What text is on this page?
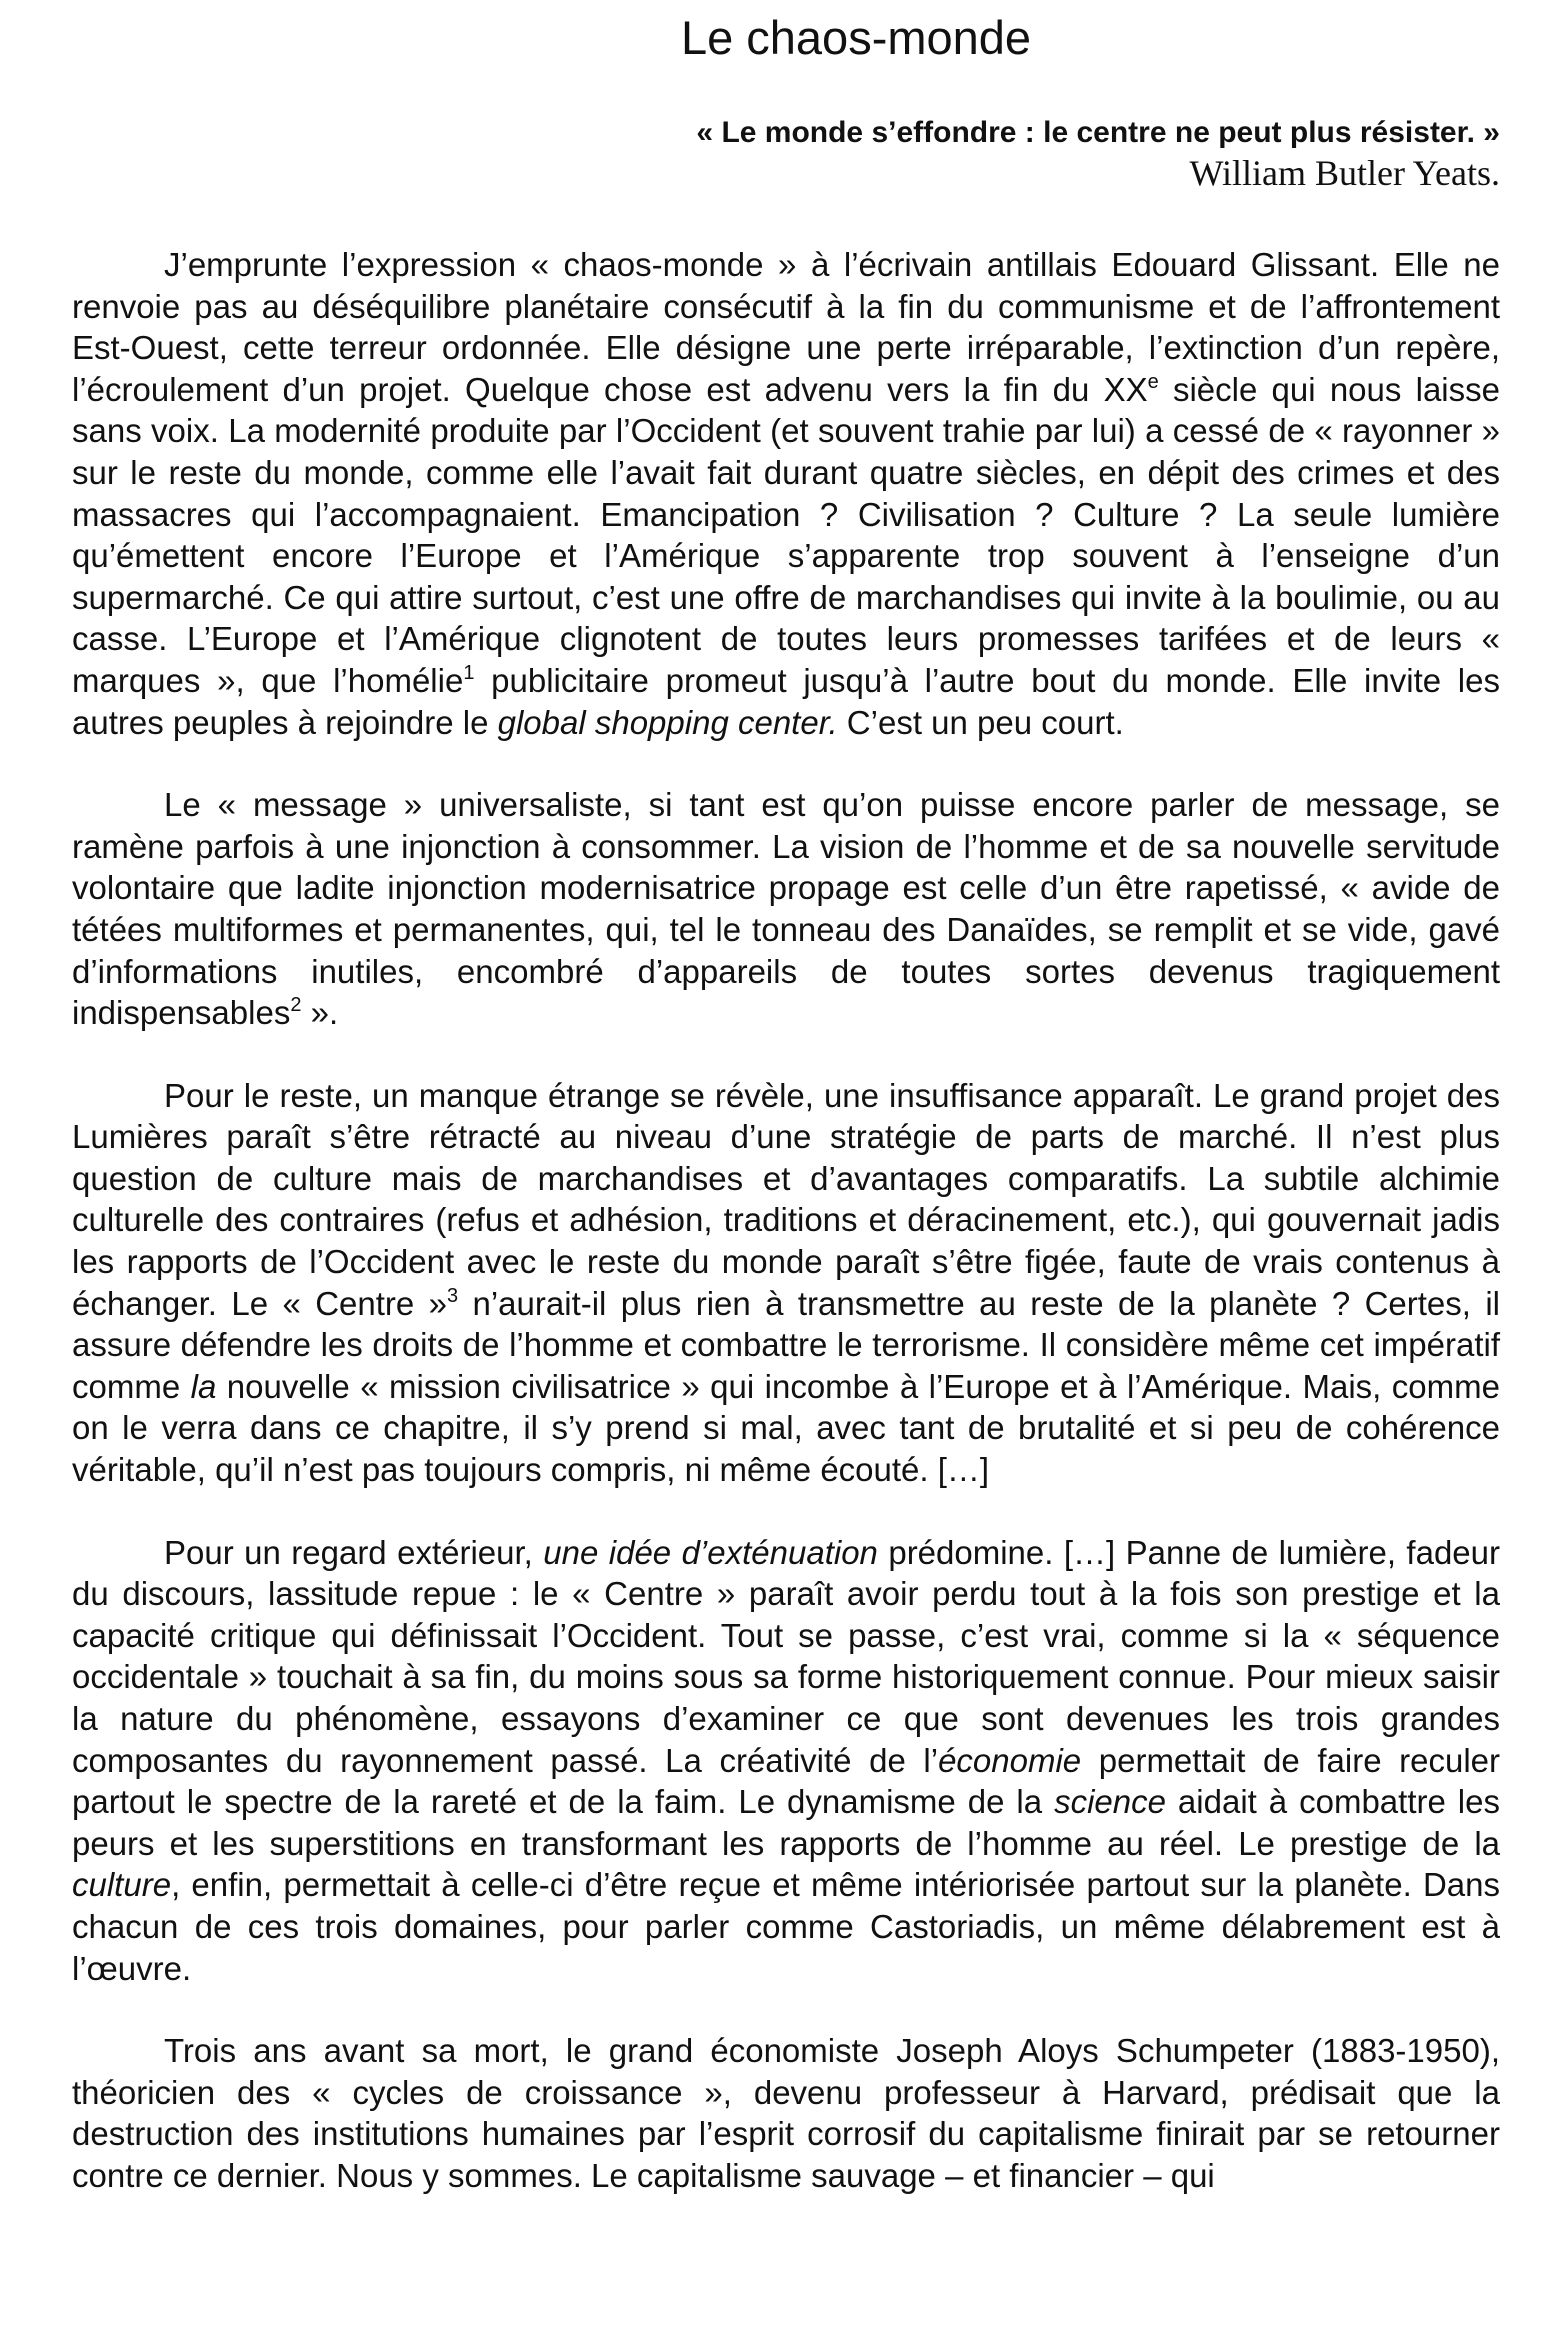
Le chaos-monde
« Le monde s’effondre : le centre ne peut plus résister. »
William Butler Yeats.

J’emprunte l’expression « chaos-monde » à l’écrivain antillais Edouard Glissant. Elle ne renvoie pas au déséquilibre planétaire consécutif à la fin du communisme et de l’affrontement Est-Ouest, cette terreur ordonnée. Elle désigne une perte irréparable, l’extinction d’un repère, l’écroulement d’un projet. Quelque chose est advenu vers la fin du XXe siècle qui nous laisse sans voix. La modernité produite par l’Occident (et souvent trahie par lui) a cessé de « rayonner » sur le reste du monde, comme elle l’avait fait durant quatre siècles, en dépit des crimes et des massacres qui l’accompagnaient. Emancipation ? Civilisation ? Culture ? La seule lumière qu’émettent encore l’Europe et l’Amérique s’apparente trop souvent à l’enseigne d’un supermarché. Ce qui attire surtout, c’est une offre de marchandises qui invite à la boulimie, ou au casse. L’Europe et l’Amérique clignotent de toutes leurs promesses tarifées et de leurs « marques », que l’homélie$^1$ publicitaire promeut jusqu’à l’autre bout du monde. Elle invite les autres peuples à rejoindre le global shopping center. C’est un peu court.

Le « message » universaliste, si tant est qu’on puisse encore parler de message, se ramène parfois à une injonction à consommer. La vision de l’homme et de sa nouvelle servitude volontaire que ladite injonction modernisatrice propage est celle d’un être rapetissé, « avide de tétées multiformes et permanentes, qui, tel le tonneau des Danaïdes, se remplit et se vide, gavé d’informations inutiles, encombré d’appareils de toutes sortes devenus tragiquement indispensables$^2$ ».

Pour le reste, un manque étrange se révèle, une insuffisance apparaît. Le grand projet des Lumières paraît s’être rétracté au niveau d’une stratégie de parts de marché. Il n’est plus question de culture mais de marchandises et d’avantages comparatifs. La subtile alchimie culturelle des contraires (refus et adhésion, traditions et déracinement, etc.), qui gouvernait jadis les rapports de l’Occident avec le reste du monde paraît s’être figée, faute de vrais contenus à échanger. Le « Centre »$^3$ n’aurait-il plus rien à transmettre au reste de la planète ? Certes, il assure défendre les droits de l’homme et combattre le terrorisme. Il considère même cet impératif comme la nouvelle « mission civilisatrice » qui incombe à l’Europe et à l’Amérique. Mais, comme on le verra dans ce chapitre, il s’y prend si mal, avec tant de brutalité et si peu de cohérence véritable, qu’il n’est pas toujours compris, ni même écouté. […]

Pour un regard extérieur, une idée d’exténuation prédomine. […] Panne de lumière, fadeur du discours, lassitude repue : le « Centre » paraît avoir perdu tout à la fois son prestige et la capacité critique qui définissait l’Occident. Tout se passe, c’est vrai, comme si la « séquence occidentale » touchait à sa fin, du moins sous sa forme historiquement connue. Pour mieux saisir la nature du phénomène, essayons d’examiner ce que sont devenues les trois grandes composantes du rayonnement passé. La créativité de l’économie permettait de faire reculer partout le spectre de la rareté et de la faim. Le dynamisme de la science aidait à combattre les peurs et les superstitions en transformant les rapports de l’homme au réel. Le prestige de la culture, enfin, permettait à celle-ci d’être reçue et même intériorisée partout sur la planète. Dans chacun de ces trois domaines, pour parler comme Castoriadis, un même délabrement est à l’œuvre.

Trois ans avant sa mort, le grand économiste Joseph Aloys Schumpeter (1883-1950), théoricien des « cycles de croissance », devenu professeur à Harvard, prédisait que la destruction des institutions humaines par l’esprit corrosif du capitalisme finirait par se retourner contre ce dernier. Nous y sommes. Le capitalisme sauvage – et financier – qui
